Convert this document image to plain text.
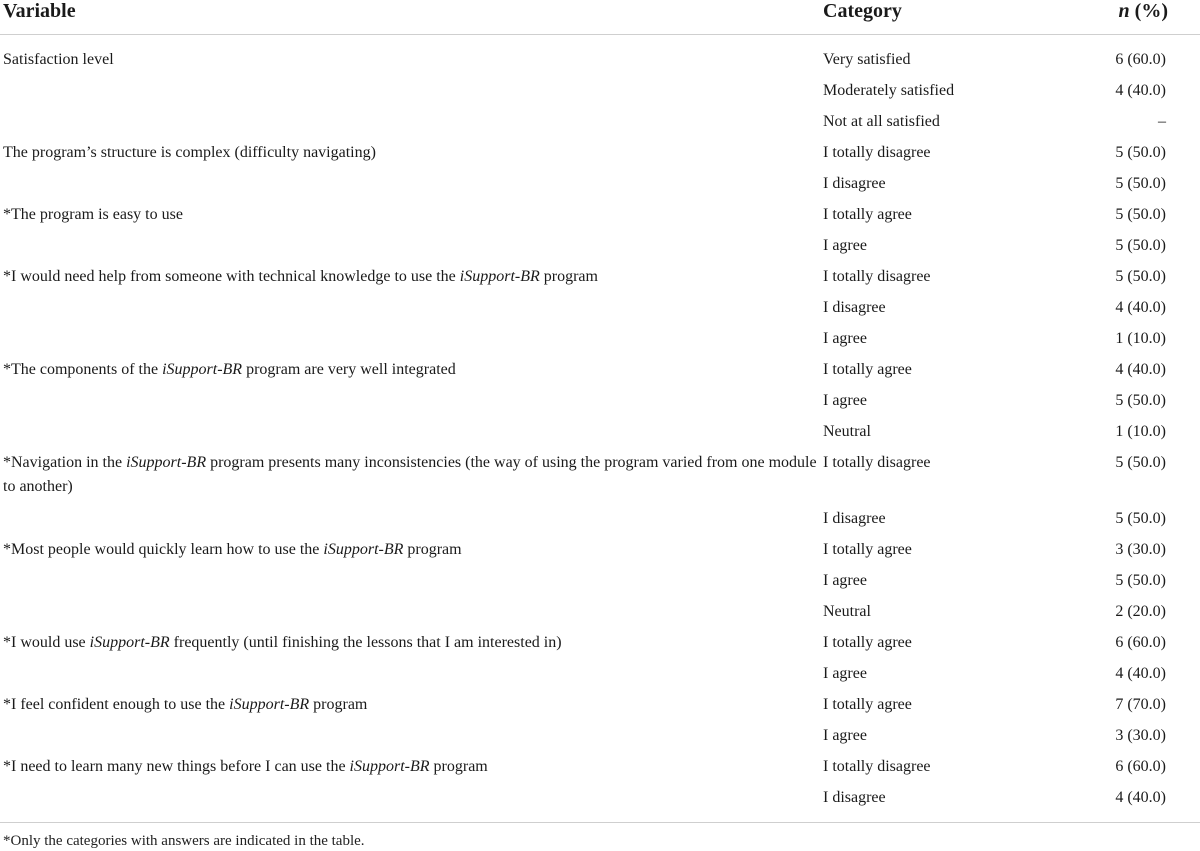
Variable	Category	n (%)
Satisfaction level	Very satisfied	6 (60.0)
	Moderately satisfied	4 (40.0)
	Not at all satisfied	–
The program’s structure is complex (difficulty navigating)	I totally disagree	5 (50.0)
	I disagree	5 (50.0)
*The program is easy to use	I totally agree	5 (50.0)
	I agree	5 (50.0)
*I would need help from someone with technical knowledge to use the iSupport-BR program	I totally disagree	5 (50.0)
	I disagree	4 (40.0)
	I agree	1 (10.0)
*The components of the iSupport-BR program are very well integrated	I totally agree	4 (40.0)
	I agree	5 (50.0)
	Neutral	1 (10.0)
*Navigation in the iSupport-BR program presents many inconsistencies (the way of using the program varied from one module to another)	I totally disagree	5 (50.0)
	I disagree	5 (50.0)
*Most people would quickly learn how to use the iSupport-BR program	I totally agree	3 (30.0)
	I agree	5 (50.0)
	Neutral	2 (20.0)
*I would use iSupport-BR frequently (until finishing the lessons that I am interested in)	I totally agree	6 (60.0)
	I agree	4 (40.0)
*I feel confident enough to use the iSupport-BR program	I totally agree	7 (70.0)
	I agree	3 (30.0)
*I need to learn many new things before I can use the iSupport-BR program	I totally disagree	6 (60.0)
	I disagree	4 (40.0)
*Only the categories with answers are indicated in the table.
